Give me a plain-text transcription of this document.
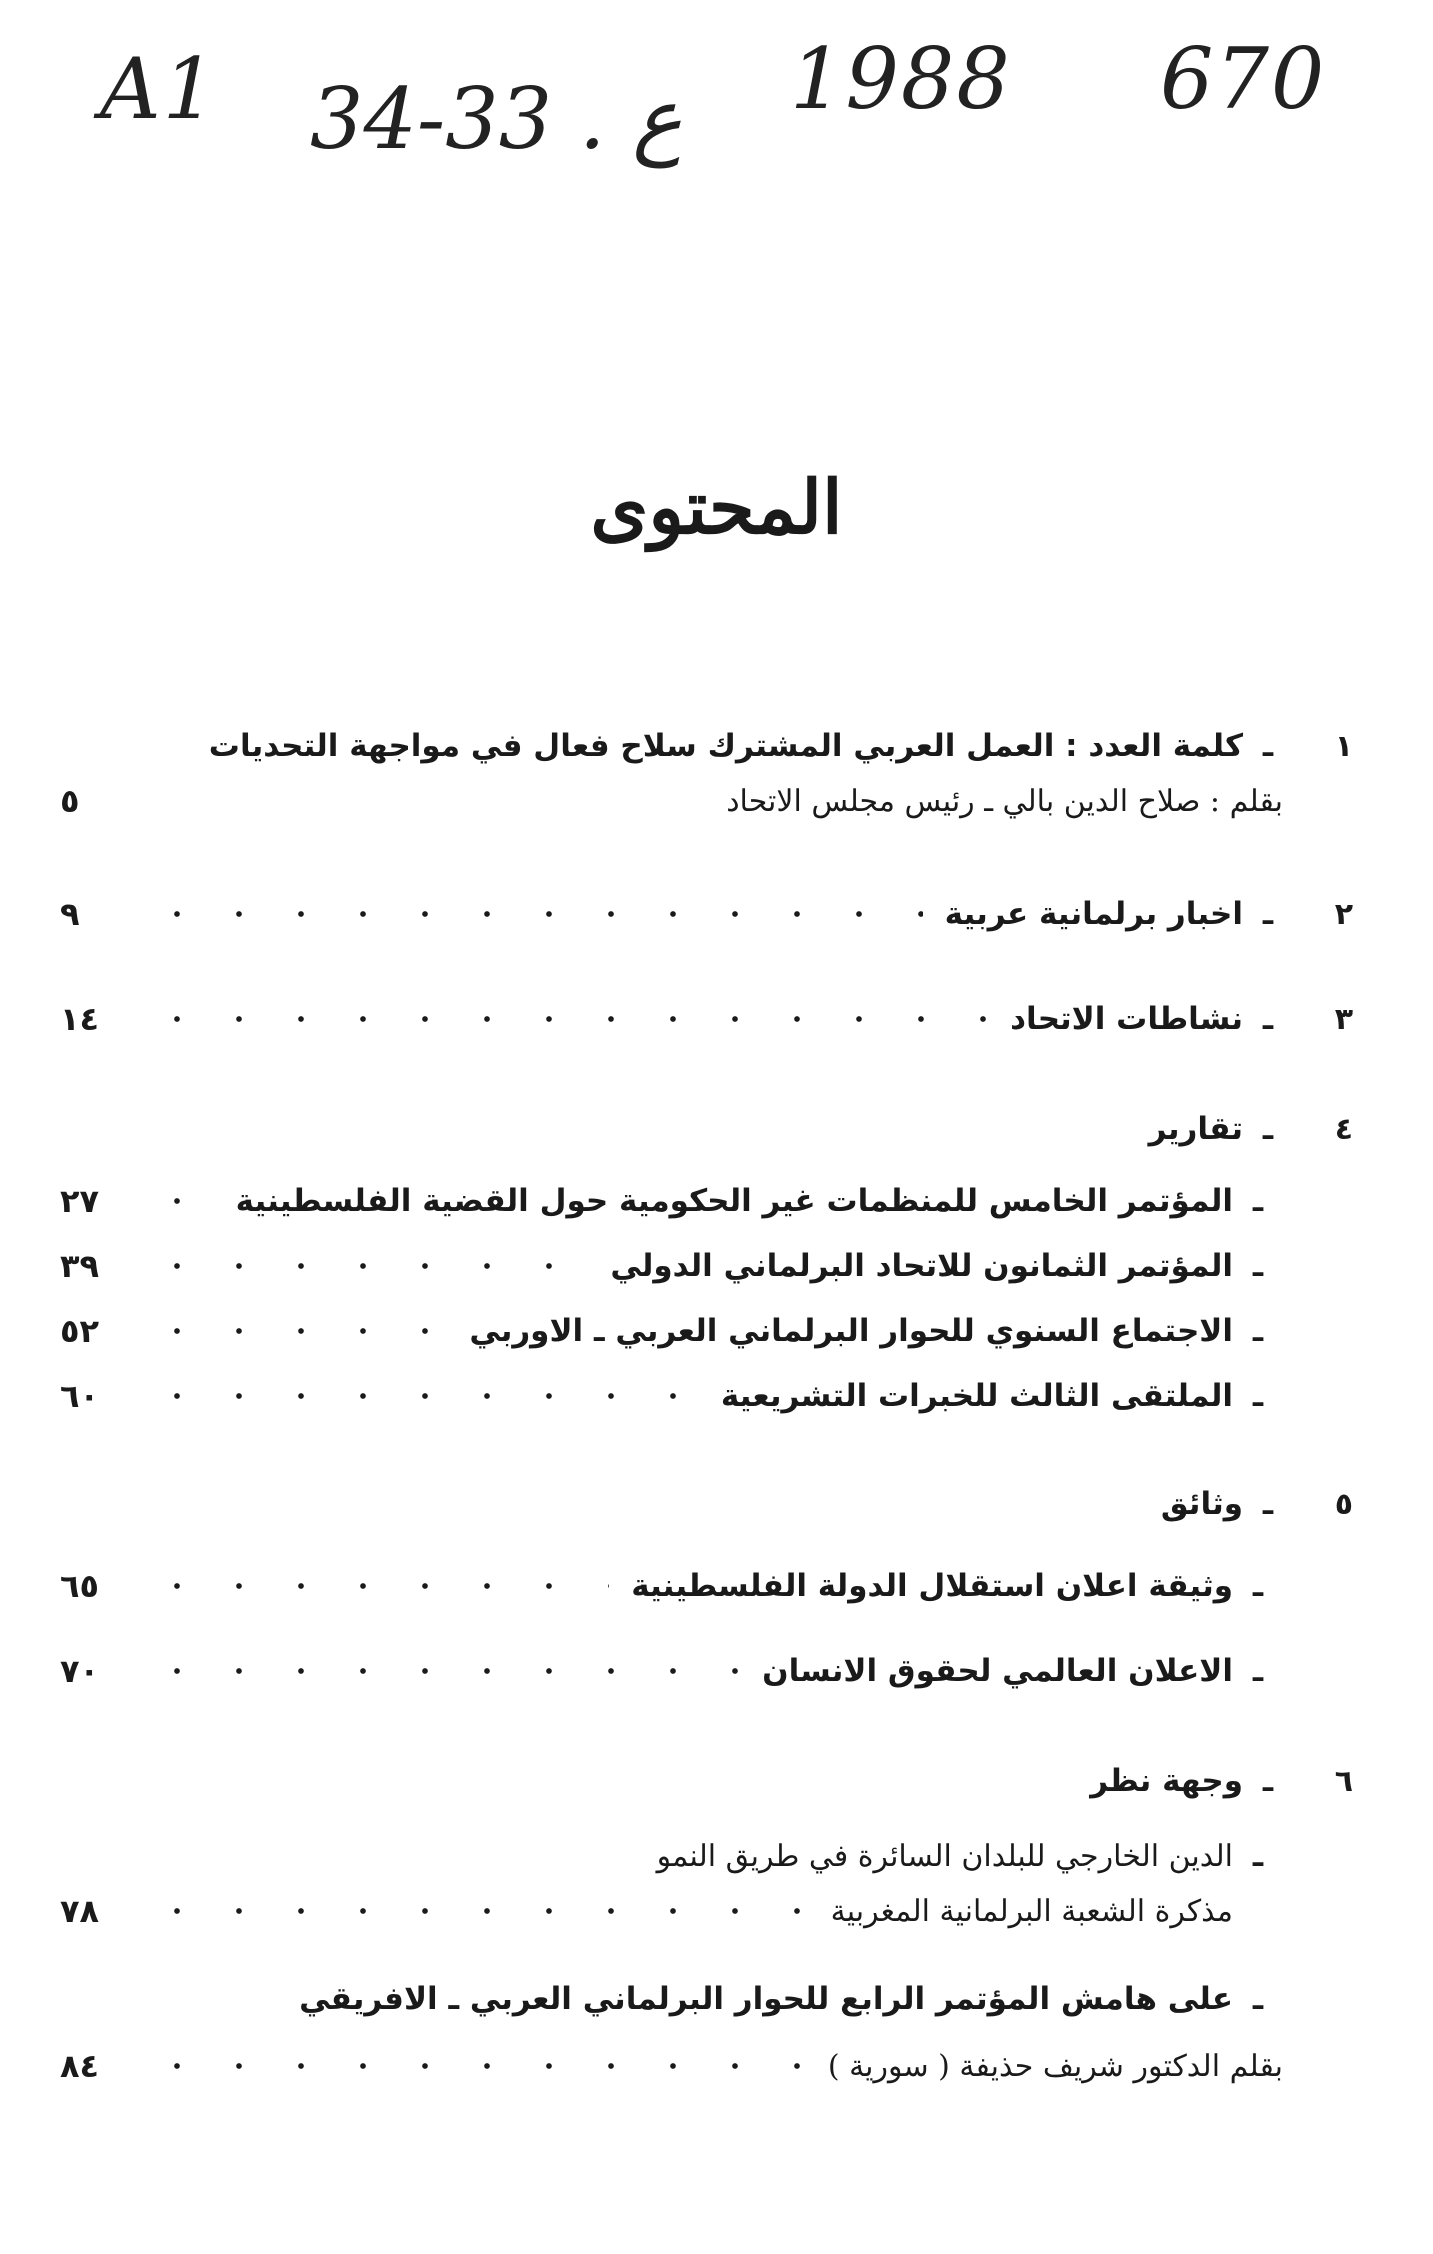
A1 34-33 . ع 1988 670
المحتوى
١
ـ
كلمة العدد : العمل العربي المشترك سلاح فعال في مواجهة التحديات
بقلم : صلاح الدين بالي ـ رئيس مجلس الاتحاد
٥
٢
ـ
اخبار برلمانية عربية
٩
٣
ـ
نشاطات الاتحاد
١٤
٤
ـ
تقارير
ـ
المؤتمر الخامس للمنظمات غير الحكومية حول القضية الفلسطينية
٢٧
ـ
المؤتمر الثمانون للاتحاد البرلماني الدولي
٣٩
ـ
الاجتماع السنوي للحوار البرلماني العربي ـ الاوربي
٥٢
ـ
الملتقى الثالث للخبرات التشريعية
٦٠
٥
ـ
وثائق
ـ
وثيقة اعلان استقلال الدولة الفلسطينية
٦٥
ـ
الاعلان العالمي لحقوق الانسان
٧٠
٦
ـ
وجهة نظر
ـ
الدين الخارجي للبلدان السائرة في طريق النمو
مذكرة الشعبة البرلمانية المغربية
٧٨
ـ
على هامش المؤتمر الرابع للحوار البرلماني العربي ـ الافريقي
بقلم الدكتور شريف حذيفة ( سورية )
٨٤
